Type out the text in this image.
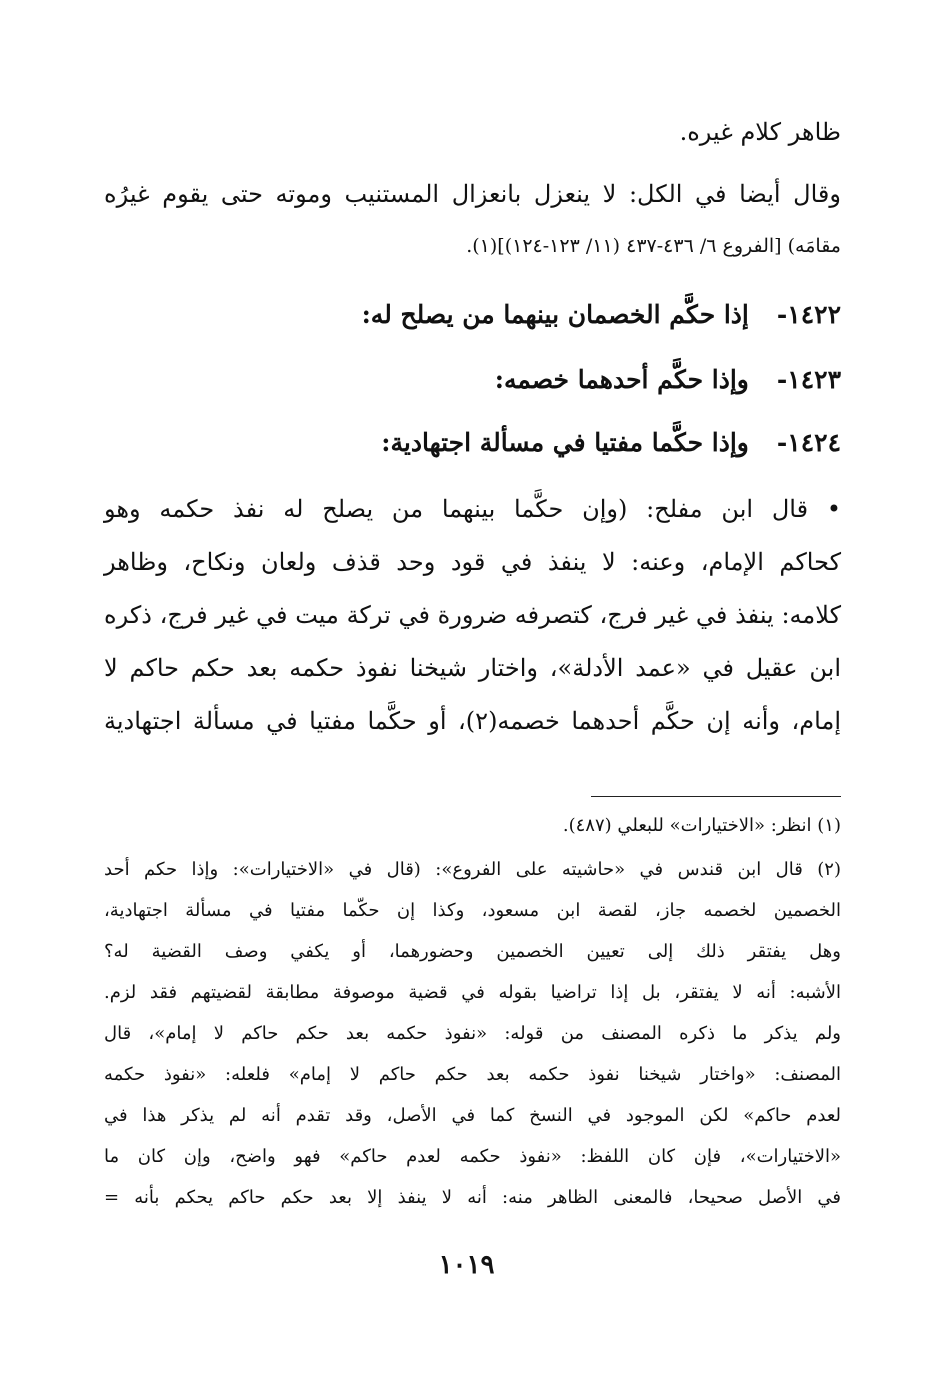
ظاهر كلام غيره.
وقال أيضا في الكل: لا ينعزل بانعزال المستنيب وموته حتى يقوم غيرُه
مقامَه) [الفروع ٦/ ٤٣٦-٤٣٧ (١١/ ١٢٣-١٢٤)](١).
١٤٢٢-إذا حكَّم الخصمان بينهما من يصلح له:
١٤٢٣-وإذا حكَّم أحدهما خصمه:
١٤٢٤-وإذا حكَّما مفتيا في مسألة اجتهادية:
• قال ابن مفلح: (وإن حكَّما بينهما من يصلح له نفذ حكمه وهو
كحاكم الإمام، وعنه: لا ينفذ في قود وحد قذف ولعان ونكاح، وظاهر
كلامه: ينفذ في غير فرج، كتصرفه ضرورة في تركة ميت في غير فرج، ذكره
ابن عقيل في «عمد الأدلة»، واختار شيخنا نفوذ حكمه بعد حكم حاكم لا
إمام، وأنه إن حكَّم أحدهما خصمه(٢)، أو حكَّما مفتيا في مسألة اجتهادية
(١) انظر: «الاختيارات» للبعلي (٤٨٧).
(٢) قال ابن قندس في «حاشيته على الفروع»: (قال في «الاختيارات»: وإذا حكم أحد
الخصمين لخصمه جاز، لقصة ابن مسعود، وكذا إن حكّما مفتيا في مسألة اجتهادية،
وهل يفتقر ذلك إلى تعيين الخصمين وحضورهما، أو يكفي وصف القضية له؟
الأشبه: أنه لا يفتقر، بل إذا تراضيا بقوله في قضية موصوفة مطابقة لقضيتهم فقد لزم.
ولم يذكر ما ذكره المصنف من قوله: «نفوذ حكمه بعد حكم حاكم لا إمام»، قال
المصنف: «واختار شيخنا نفوذ حكمه بعد حكم حاكم لا إمام» فلعله: «نفوذ حكمه
لعدم حاكم» لكن الموجود في النسخ كما في الأصل، وقد تقدم أنه لم يذكر هذا في
«الاختيارات»، فإن كان اللفظ: «نفوذ حكمه لعدم حاكم» فهو واضح، وإن كان ما
في الأصل صحيحا، فالمعنى الظاهر منه: أنه لا ينفذ إلا بعد حكم حاكم يحكم بأنه =
١٠١٩
